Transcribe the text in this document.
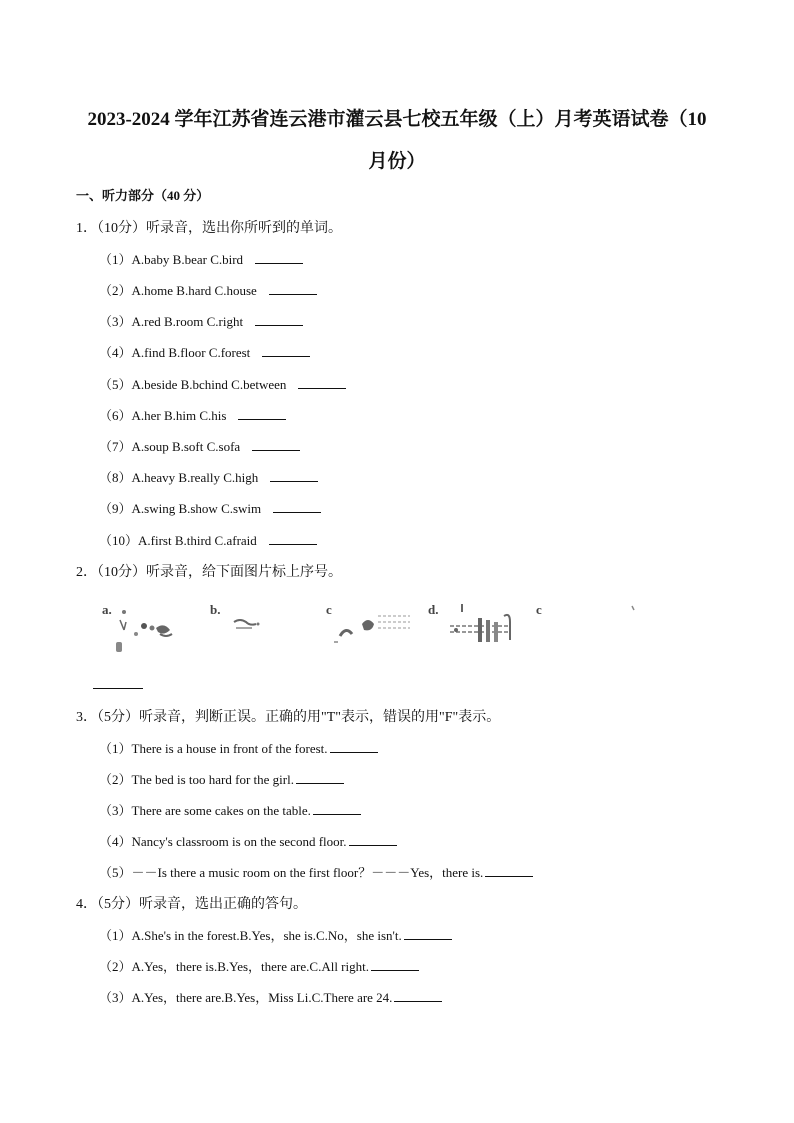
2023-2024 学年江苏省连云港市灌云县七校五年级（上）月考英语试卷（10
月份）

一、听力部分（40 分）

1．（10分）听录音，选出你所听到的单词。

（1）A.baby B.bear C.bird

（2）A.home B.hard C.house

（3）A.red B.room C.right

（4）A.find B.floor C.forest

（5）A.beside B.bchind C.between

（6）A.her B.him C.his

（7）A.soup B.soft C.sofa

（8）A.heavy B.really C.high

（9）A.swing B.show C.swim

（10）A.first B.third C.afraid

2．（10分）听录音，给下面图片标上序号。

a.	b.	c	d.	c

3．（5分）听录音，判断正误。正确的用"T"表示，错误的用"F"表示。

（1）There is a house in front of the forest.

（2）The bed is too hard for the girl.

（3）There are some cakes on the table.

（4）Nancy's classroom is on the second floor.

（5）－－Is there a music room on the first floor？－－－Yes，there is.

4．（5分）听录音，选出正确的答句。

（1）A.She's in the forest.B.Yes，she is.C.No，she isn't.

（2）A.Yes，there is.B.Yes，there are.C.All right.

（3）A.Yes，there are.B.Yes，Miss Li.C.There are 24.
